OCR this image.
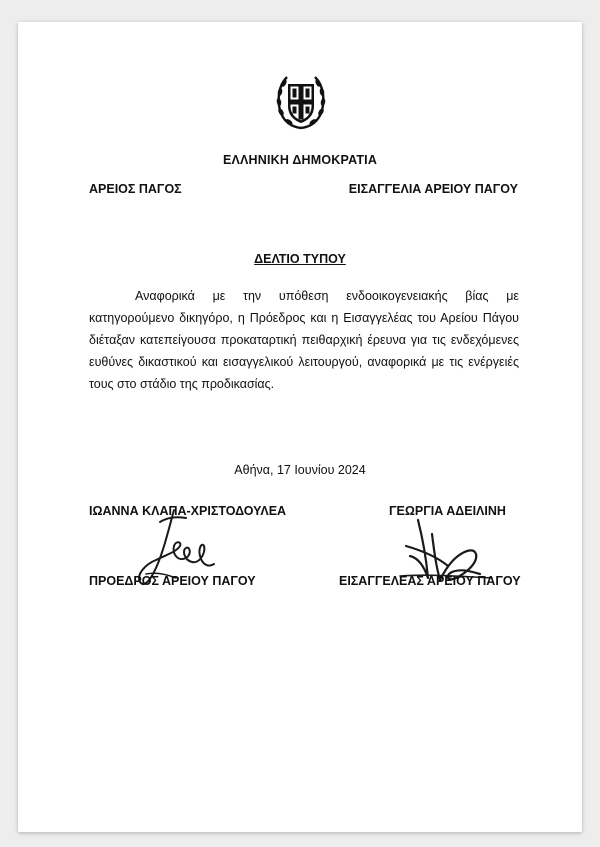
ΕΛΛΗΝΙΚΗ ΔΗΜΟΚΡΑΤΙΑ
ΑΡΕΙΟΣ ΠΑΓΟΣ	ΕΙΣΑΓΓΕΛΙΑ ΑΡΕΙΟΥ ΠΑΓΟΥ
ΔΕΛΤΙΟ ΤΥΠΟΥ

Αναφορικά με την υπόθεση ενδοοικογενειακής βίας με κατηγορούμενο δικηγόρο, η Πρόεδρος και η Εισαγγελέας του Αρείου Πάγου διέταξαν κατεπείγουσα προκαταρτική πειθαρχική έρευνα για τις ενδεχόμενες ευθύνες δικαστικού και εισαγγελικού λειτουργού, αναφορικά με τις ενέργειές τους στο στάδιο της προδικασίας.

Αθήνα, 17 Ιουνίου 2024
ΙΩΑΝΝΑ ΚΛΑΠΑ-ΧΡΙΣΤΟΔΟΥΛΕΑ	ΓΕΩΡΓΙΑ ΑΔΕΙΛΙΝΗ
ΠΡΟΕΔΡΟΣ ΑΡΕΙΟΥ ΠΑΓΟΥ	ΕΙΣΑΓΓΕΛΕΑΣ ΑΡΕΙΟΥ ΠΑΓΟΥ
